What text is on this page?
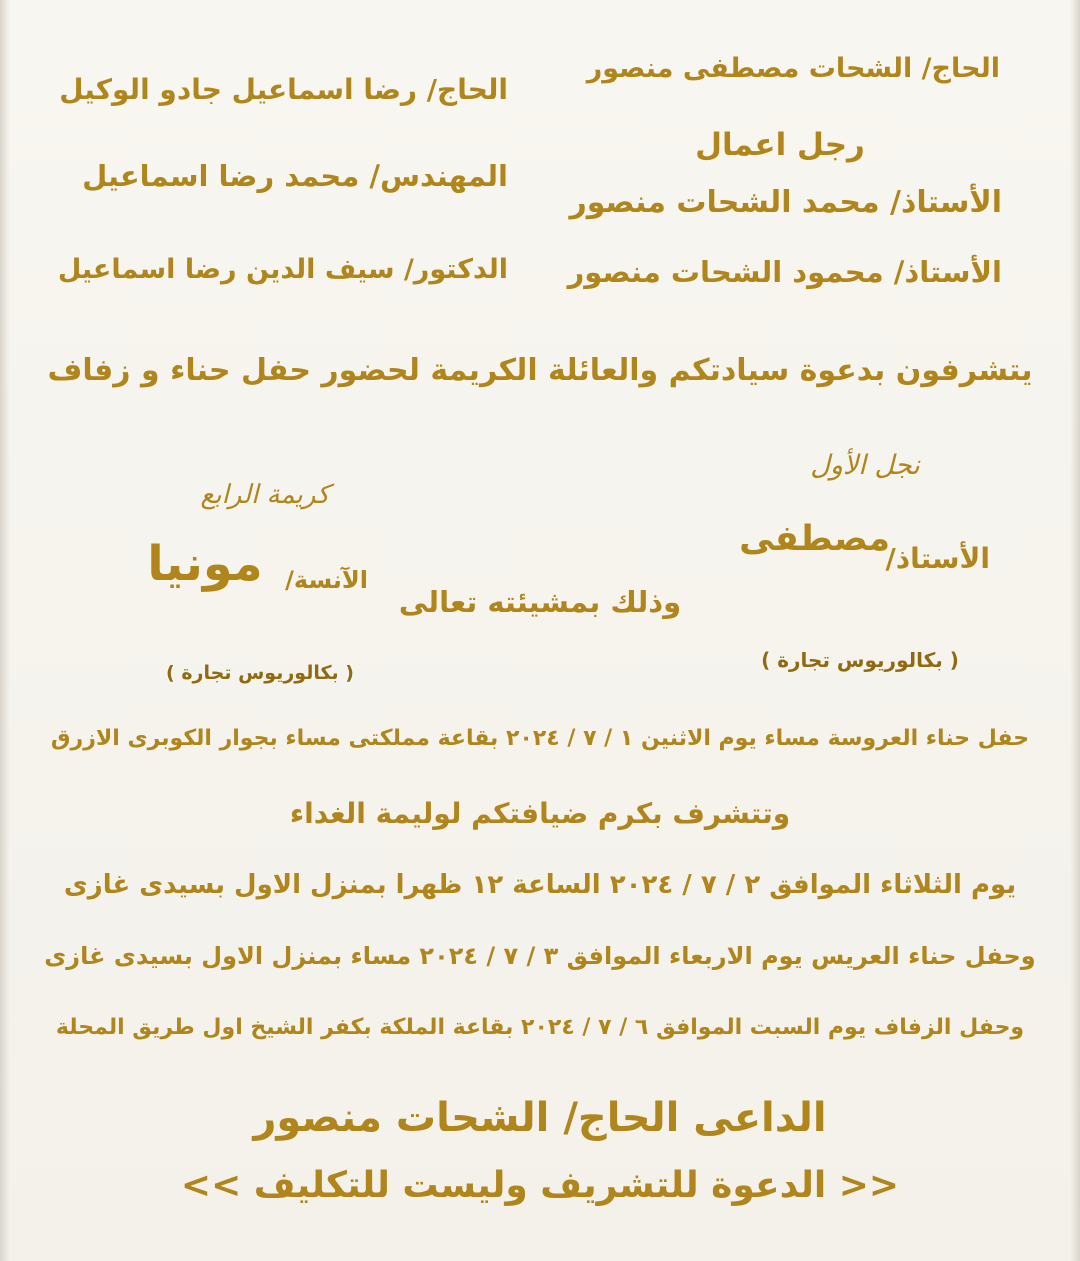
الحاج/ الشحات مصطفى منصور
رجل اعمال
الأستاذ/ محمد الشحات منصور
الأستاذ/ محمود الشحات منصور
الحاج/ رضا اسماعيل جادو الوكيل
المهندس/ محمد رضا اسماعيل
الدكتور/ سيف الدين رضا اسماعيل
يتشرفون بدعوة سيادتكم والعائلة الكريمة لحضور حفل حناء و زفاف
نجل الأول
الأستاذ/
مصطفى
( بكالوريوس تجارة )
وذلك بمشيئته تعالى
كريمة الرابع
الآنسة/
مونيا
( بكالوريوس تجارة )
حفل حناء العروسة مساء يوم الاثنين ١ / ٧ / ٢٠٢٤ بقاعة مملكتى مساء بجوار الكوبرى الازرق
وتتشرف بكرم ضيافتكم لوليمة الغداء
يوم الثلاثاء الموافق ٢ / ٧ / ٢٠٢٤ الساعة ١٢ ظهرا بمنزل الاول بسيدى غازى
وحفل حناء العريس يوم الاربعاء الموافق ٣ / ٧ / ٢٠٢٤ مساء بمنزل الاول بسيدى غازى
وحفل الزفاف يوم السبت الموافق ٦ / ٧ / ٢٠٢٤ بقاعة الملكة بكفر الشيخ اول طريق المحلة
الداعى الحاج/ الشحات منصور
<< الدعوة للتشريف وليست للتكليف >>
